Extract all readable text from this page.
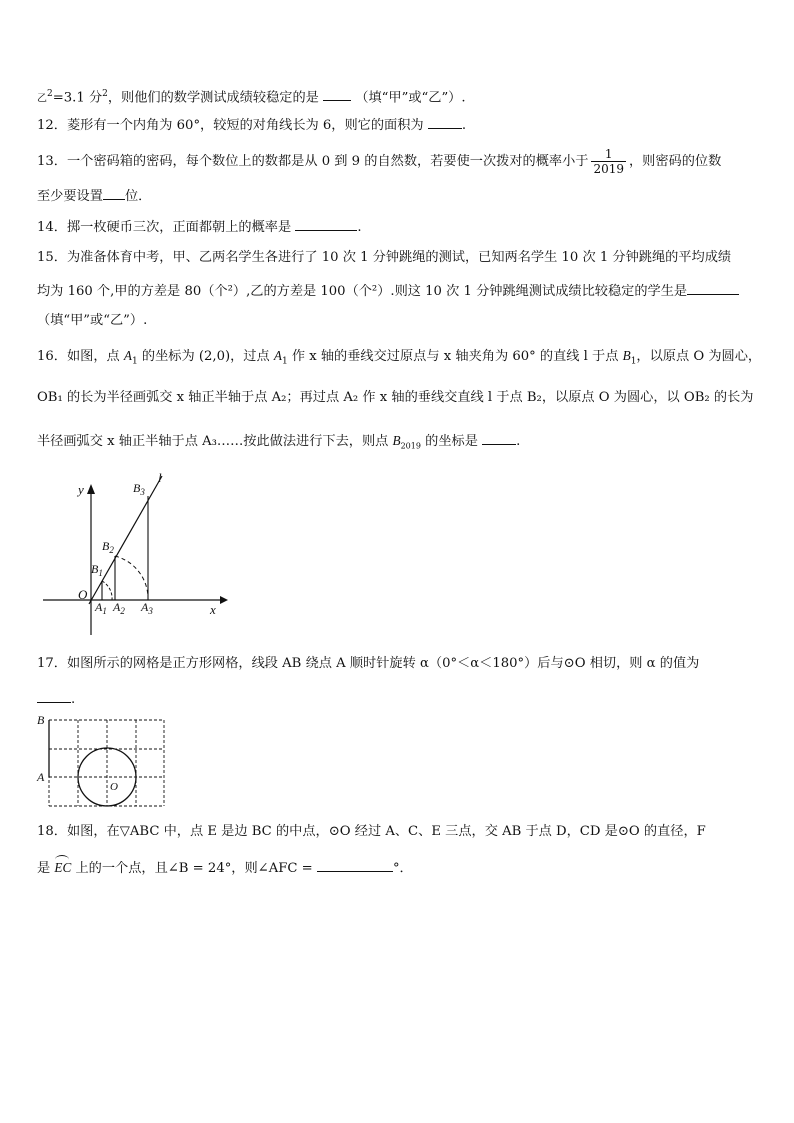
乙$^2$=3.1 分$^2$，则他们的数学测试成绩较稳定的是	（填“甲”或“乙”）.
12．菱形有一个内角为 60°，较短的对角线长为 6，则它的面积为	.
13．一个密码箱的密码，每个数位上的数都是从 0 到 9 的自然数，若要使一次拨对的概率小于 $\frac{1}{2019}$ ，则密码的位数
至少要设置 位．
14．掷一枚硬币三次，正面都朝上的概率是	.
15．为准备体育中考，甲、乙两名学生各进行了 10 次 1 分钟跳绳的测试，已知两名学生 10 次 1 分钟跳绳的平均成绩
均为 160 个,甲的方差是 80（个²）,乙的方差是 100（个²）.则这 10 次 1 分钟跳绳测试成绩比较稳定的学生是
（填“甲”或“乙”）.
16．如图，点 $A_1$ 的坐标为 (2,0)，过点 $A_1$ 作 x 轴的垂线交过原点与 x 轴夹角为 60° 的直线 l 于点 $B_1$，以原点 O 为圆心，
OB₁ 的长为半径画弧交 x 轴正半轴于点 A₂；再过点 A₂ 作 x 轴的垂线交直线 l 于点 B₂，以原点 O 为圆心，以 OB₂ 的长为
半径画弧交 x 轴正半轴于点 A₃……按此做法进行下去，则点 $B_{2019}$ 的坐标是	.
y
l
x
O
$A_1$ $A_2$ $A_3$
$B_1$
$B_2$
$B_3$
17．如图所示的网格是正方形网格，线段 AB 绕点 A 顺时针旋转 α（0°＜α＜180°）后与⊙O 相切，则 α 的值为
.
B
A
O
18．如图，在▽ABC 中，点 E 是边 BC 的中点，⊙O 经过 A、C、E 三点，交 AB 于点 D，CD 是⊙O 的直径，F
是
EC 上的一个点，且∠B = 24°，则∠AFC =	°．
